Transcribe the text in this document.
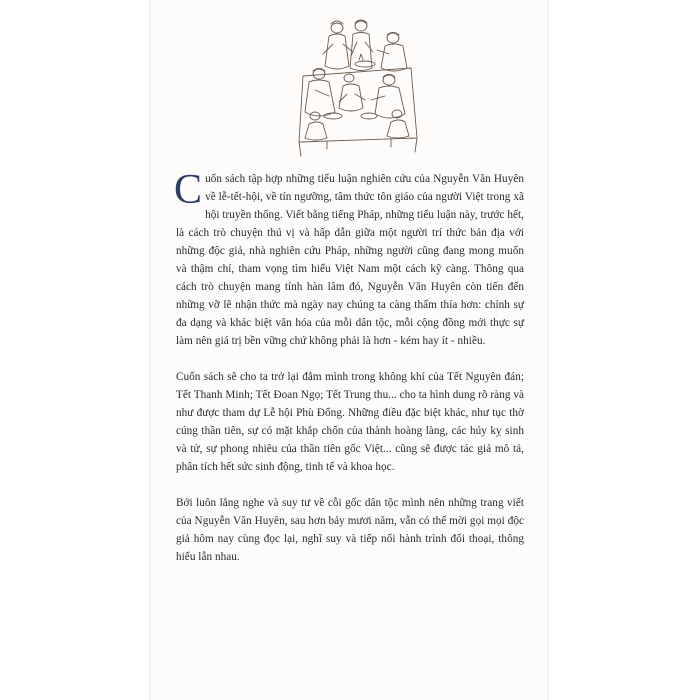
Cuốn sách tập hợp những tiểu luận nghiên cứu của Nguyễn Văn Huyên về lễ-tết-hội, về tín ngưỡng, tâm thức tôn giáo của người Việt trong xã hội truyền thống. Viết bằng tiếng Pháp, những tiểu luận này, trước hết, là cách trò chuyện thú vị và hấp dẫn giữa một người trí thức bản địa với những độc giả, nhà nghiên cứu Pháp, những người cũng đang mong muốn và thậm chí, tham vọng tìm hiểu Việt Nam một cách kỹ càng. Thông qua cách trò chuyện mang tính hàn lâm đó, Nguyễn Văn Huyên còn tiến đến những vỡ lẽ nhận thức mà ngày nay chúng ta càng thấm thía hơn: chính sự đa dạng và khác biệt văn hóa của mỗi dân tộc, mỗi cộng đồng mới thực sự làm nên giá trị bền vững chứ không phải là hơn - kém hay ít - nhiều.

Cuốn sách sẽ cho ta trở lại đắm mình trong không khí của Tết Nguyên đán; Tết Thanh Minh; Tết Đoan Ngọ; Tết Trung thu... cho ta hình dung rõ ràng và như được tham dự Lễ hội Phù Đổng. Những điều đặc biệt khác, như tục thờ cúng thần tiên, sự có mặt khắp chốn của thành hoàng làng, các húy kỵ sinh và tử, sự phong nhiêu của thần tiên gốc Việt... cũng sẽ được tác giả mô tả, phân tích hết sức sinh động, tinh tế và khoa học.

Bởi luôn lắng nghe và suy tư về cỗi gốc dân tộc mình nên những trang viết của Nguyễn Văn Huyên, sau hơn bảy mươi năm, vẫn có thể mời gọi mọi độc giả hôm nay cùng đọc lại, nghĩ suy và tiếp nối hành trình đối thoại, thông hiểu lẫn nhau.
